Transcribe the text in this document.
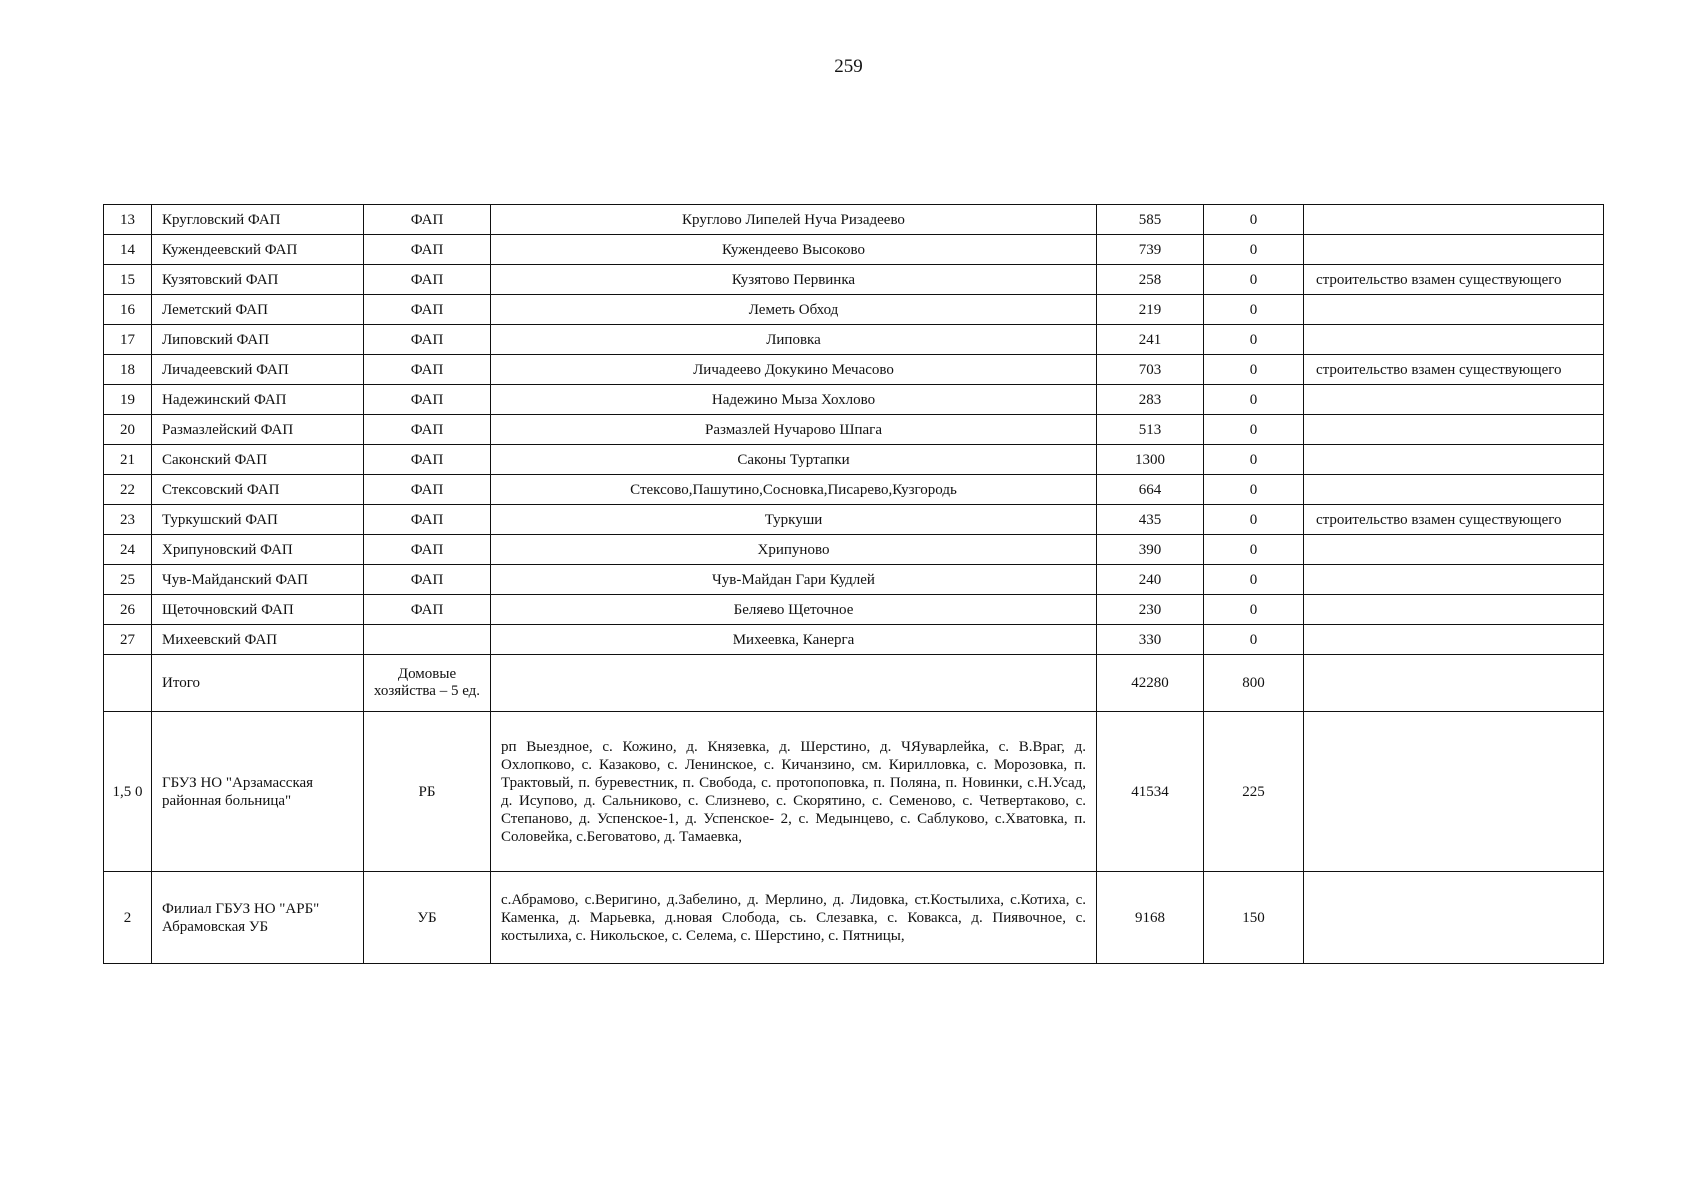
259
13	Кругловский ФАП	ФАП	Круглово Липелей Нуча Ризадеево	585	0	
14	Кужендеевский ФАП	ФАП	Кужендеево Высоково	739	0	
15	Кузятовский ФАП	ФАП	Кузятово Первинка	258	0	строительство взамен существующего
16	Леметский ФАП	ФАП	Леметь Обход	219	0	
17	Липовский ФАП	ФАП	Липовка	241	0	
18	Личадеевский ФАП	ФАП	Личадеево Докукино Мечасово	703	0	строительство взамен существующего
19	Надежинский ФАП	ФАП	Надежино Мыза Хохлово	283	0	
20	Размазлейский ФАП	ФАП	Размазлей Нучарово Шпага	513	0	
21	Саконский ФАП	ФАП	Саконы Туртапки	1300	0	
22	Стексовский ФАП	ФАП	Стексово,Пашутино,Сосновка,Писарево,Кузгородь	664	0	
23	Туркушский ФАП	ФАП	Туркуши	435	0	строительство взамен существующего
24	Хрипуновский ФАП	ФАП	Хрипуново	390	0	
25	Чув-Майданский ФАП	ФАП	Чув-Майдан Гари Кудлей	240	0	
26	Щеточновский ФАП	ФАП	Беляево Щеточное	230	0	
27	Михеевский ФАП		Михеевка, Канерга	330	0	
	Итого	Домовые хозяйства – 5 ед.		42280	800	
1,5 0	ГБУЗ НО "Арзамасская районная больница"	РБ	рп Выездное, с. Кожино, д. Князевка, д. Шерстино, д. ЧЯуварлейка, с. В.Враг, д. Охлопково, с. Казаково, с. Ленинское, с. Кичанзино, см. Кирилловка, с. Морозовка, п. Трактовый, п. буревестник, п. Свобода, с. протопоповка, п. Поляна, п. Новинки, с.Н.Усад, д. Исупово, д. Сальниково, с. Слизнево, с. Скорятино, с. Семеново, с. Четвертаково, с. Степаново, д. Успенское-1, д. Успенское- 2, с. Медынцево, с. Саблуково, с.Хватовка, п. Соловейка, с.Беговатово, д. Тамаевка,	41534	225	
2	Филиал ГБУЗ НО "АРБ" Абрамовская УБ	УБ	с.Абрамово, с.Веригино, д.Забелино, д. Мерлино, д. Лидовка, ст.Костылиха, с.Котиха, с. Каменка, д. Марьевка, д.новая Слобода, сь. Слезавка, с. Ковакса, д. Пиявочное, с. костылиха, с. Никольское, с. Селема, с. Шерстино, с. Пятницы,	9168	150	
